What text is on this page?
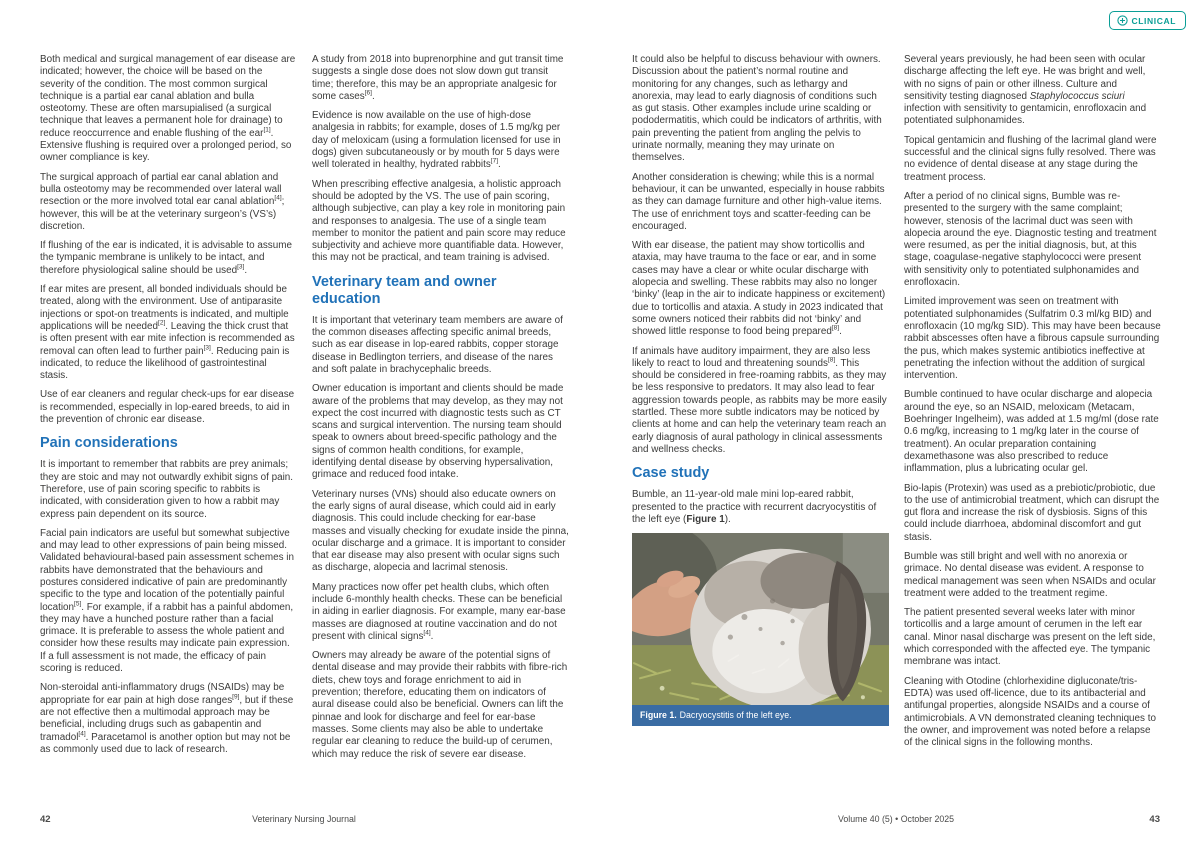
CLINICAL

Both medical and surgical management of ear disease are indicated; however, the choice will be based on the severity of the condition. The most common surgical technique is a partial ear canal ablation and bulla osteotomy. These are often marsupialised (a surgical technique that leaves a permanent hole for drainage) to reduce reoccurrence and enable flushing of the ear[1]. Extensive flushing is required over a prolonged period, so owner compliance is key.

The surgical approach of partial ear canal ablation and bulla osteotomy may be recommended over lateral wall resection or the more involved total ear canal ablation[4]; however, this will be at the veterinary surgeon’s (VS’s) discretion.

If flushing of the ear is indicated, it is advisable to assume the tympanic membrane is unlikely to be intact, and therefore physiological saline should be used[3].

If ear mites are present, all bonded individuals should be treated, along with the environment. Use of antiparasite injections or spot-on treatments is indicated, and multiple applications will be needed[2]. Leaving the thick crust that is often present with ear mite infection is recommended as removal can often lead to further pain[3]. Reducing pain is indicated, to reduce the likelihood of gastrointestinal stasis.

Use of ear cleaners and regular check-ups for ear disease is recommended, especially in lop-eared breeds, to aid in the prevention of chronic ear disease.

Pain considerations

It is important to remember that rabbits are prey animals; they are stoic and may not outwardly exhibit signs of pain. Therefore, use of pain scoring specific to rabbits is indicated, with consideration given to how a rabbit may express pain dependent on its source.

Facial pain indicators are useful but somewhat subjective and may lead to other expressions of pain being missed. Validated behavioural-based pain assessment schemes in rabbits have demonstrated that the behaviours and postures considered indicative of pain are predominantly specific to the type and location of the potentially painful location[5]. For example, if a rabbit has a painful abdomen, they may have a hunched posture rather than a facial grimace. It is preferable to assess the whole patient and consider how these results may indicate pain expression. If a full assessment is not made, the efficacy of pain scoring is reduced.

Non-steroidal anti-inflammatory drugs (NSAIDs) may be appropriate for ear pain at high dose ranges[9], but if these are not effective then a multimodal approach may be beneficial, including drugs such as gabapentin and tramadol[4]. Paracetamol is another option but may not be as commonly used due to lack of research.

A study from 2018 into buprenorphine and gut transit time suggests a single dose does not slow down gut transit time; therefore, this may be an appropriate analgesic for some cases[6].

Evidence is now available on the use of high-dose analgesia in rabbits; for example, doses of 1.5 mg/kg per day of meloxicam (using a formulation licensed for use in dogs) given subcutaneously or by mouth for 5 days were well tolerated in healthy, hydrated rabbits[7].

When prescribing effective analgesia, a holistic approach should be adopted by the VS. The use of pain scoring, although subjective, can play a key role in monitoring pain and responses to analgesia. The use of a single team member to monitor the patient and pain score may reduce subjectivity and achieve more quantifiable data. However, this may not be practical, and team training is advised.

Veterinary team and owner education

It is important that veterinary team members are aware of the common diseases affecting specific animal breeds, such as ear disease in lop-eared rabbits, copper storage disease in Bedlington terriers, and disease of the nares and soft palate in brachycephalic breeds.

Owner education is important and clients should be made aware of the problems that may develop, as they may not expect the cost incurred with diagnostic tests such as CT scans and surgical intervention. The nursing team should speak to owners about breed-specific pathology and the signs of common health conditions, for example, identifying dental disease by observing hypersalivation, grimace and reduced food intake.

Veterinary nurses (VNs) should also educate owners on the early signs of aural disease, which could aid in early diagnosis. This could include checking for ear-base masses and visually checking for exudate inside the pinna, ocular discharge and a grimace. It is important to consider that ear disease may also present with ocular signs such as discharge, alopecia and lacrimal stenosis.

Many practices now offer pet health clubs, which often include 6-monthly health checks. These can be beneficial in aiding in earlier diagnosis. For example, many ear-base masses are diagnosed at routine vaccination and do not present with clinical signs[4].

Owners may already be aware of the potential signs of dental disease and may provide their rabbits with fibre-rich diets, chew toys and forage enrichment to aid in prevention; therefore, educating them on indicators of aural disease could also be beneficial. Owners can lift the pinnae and look for discharge and feel for ear-base masses. Some clients may also be able to undertake regular ear cleaning to reduce the build-up of cerumen, which may reduce the risk of severe ear disease.

It could also be helpful to discuss behaviour with owners. Discussion about the patient’s normal routine and monitoring for any changes, such as lethargy and anorexia, may lead to early diagnosis of conditions such as gut stasis. Other examples include urine scalding or pododermatitis, which could be indicators of arthritis, with pain preventing the patient from angling the pelvis to urinate normally, meaning they may urinate on themselves.

Another consideration is chewing; while this is a normal behaviour, it can be unwanted, especially in house rabbits as they can damage furniture and other high-value items. The use of enrichment toys and scatter-feeding can be encouraged.

With ear disease, the patient may show torticollis and ataxia, may have trauma to the face or ear, and in some cases may have a clear or white ocular discharge with alopecia and swelling. These rabbits may also no longer ‘binky’ (leap in the air to indicate happiness or excitement) due to torticollis and ataxia. A study in 2023 indicated that some owners noticed their rabbits did not ‘binky’ and showed little response to food being prepared[8].

If animals have auditory impairment, they are also less likely to react to loud and threatening sounds[8]. This should be considered in free-roaming rabbits, as they may be less responsive to predators. It may also lead to fear aggression towards people, as rabbits may be more easily startled. These more subtle indicators may be noticed by clients at home and can help the veterinary team reach an early diagnosis of aural pathology in clinical assessments and wellness checks.

Case study

Bumble, an 11-year-old male mini lop-eared rabbit, presented to the practice with recurrent dacryocystitis of the left eye (Figure 1).

Figure 1. Dacryocystitis of the left eye.

Several years previously, he had been seen with ocular discharge affecting the left eye. He was bright and well, with no signs of pain or other illness. Culture and sensitivity testing diagnosed Staphylococcus sciuri infection with sensitivity to gentamicin, enrofloxacin and potentiated sulphonamides.

Topical gentamicin and flushing of the lacrimal gland were successful and the clinical signs fully resolved. There was no evidence of dental disease at any stage during the treatment process.

After a period of no clinical signs, Bumble was re-presented to the surgery with the same complaint; however, stenosis of the lacrimal duct was seen with alopecia around the eye. Diagnostic testing and treatment were resumed, as per the initial diagnosis, but, at this stage, coagulase-negative staphylococci were present with sensitivity only to potentiated sulphonamides and enrofloxacin.

Limited improvement was seen on treatment with potentiated sulphonamides (Sulfatrim 0.3 ml/kg BID) and enrofloxacin (10 mg/kg SID). This may have been because rabbit abscesses often have a fibrous capsule surrounding the pus, which makes systemic antibiotics ineffective at penetrating the infection without the addition of surgical intervention.

Bumble continued to have ocular discharge and alopecia around the eye, so an NSAID, meloxicam (Metacam, Boehringer Ingelheim), was added at 1.5 mg/ml (dose rate 0.6 mg/kg, increasing to 1 mg/kg later in the course of treatment). An ocular preparation containing dexamethasone was also prescribed to reduce inflammation, plus a lubricating ocular gel.

Bio-lapis (Protexin) was used as a prebiotic/probiotic, due to the use of antimicrobial treatment, which can disrupt the gut flora and increase the risk of dysbiosis. Signs of this could include diarrhoea, abdominal discomfort and gut stasis.

Bumble was still bright and well with no anorexia or grimace. No dental disease was evident. A response to medical management was seen when NSAIDs and ocular treatment were added to the treatment regime.

The patient presented several weeks later with minor torticollis and a large amount of cerumen in the left ear canal. Minor nasal discharge was present on the left side, which corresponded with the affected eye. The tympanic membrane was intact.

Cleaning with Otodine (chlorhexidine digluconate/tris-EDTA) was used off-licence, due to its antibacterial and antifungal properties, alongside NSAIDs and a course of antimicrobials. A VN demonstrated cleaning techniques to the owner, and improvement was noted before a relapse of the clinical signs in the following months.

42	Veterinary Nursing Journal	Volume 40 (5) • October 2025	43
